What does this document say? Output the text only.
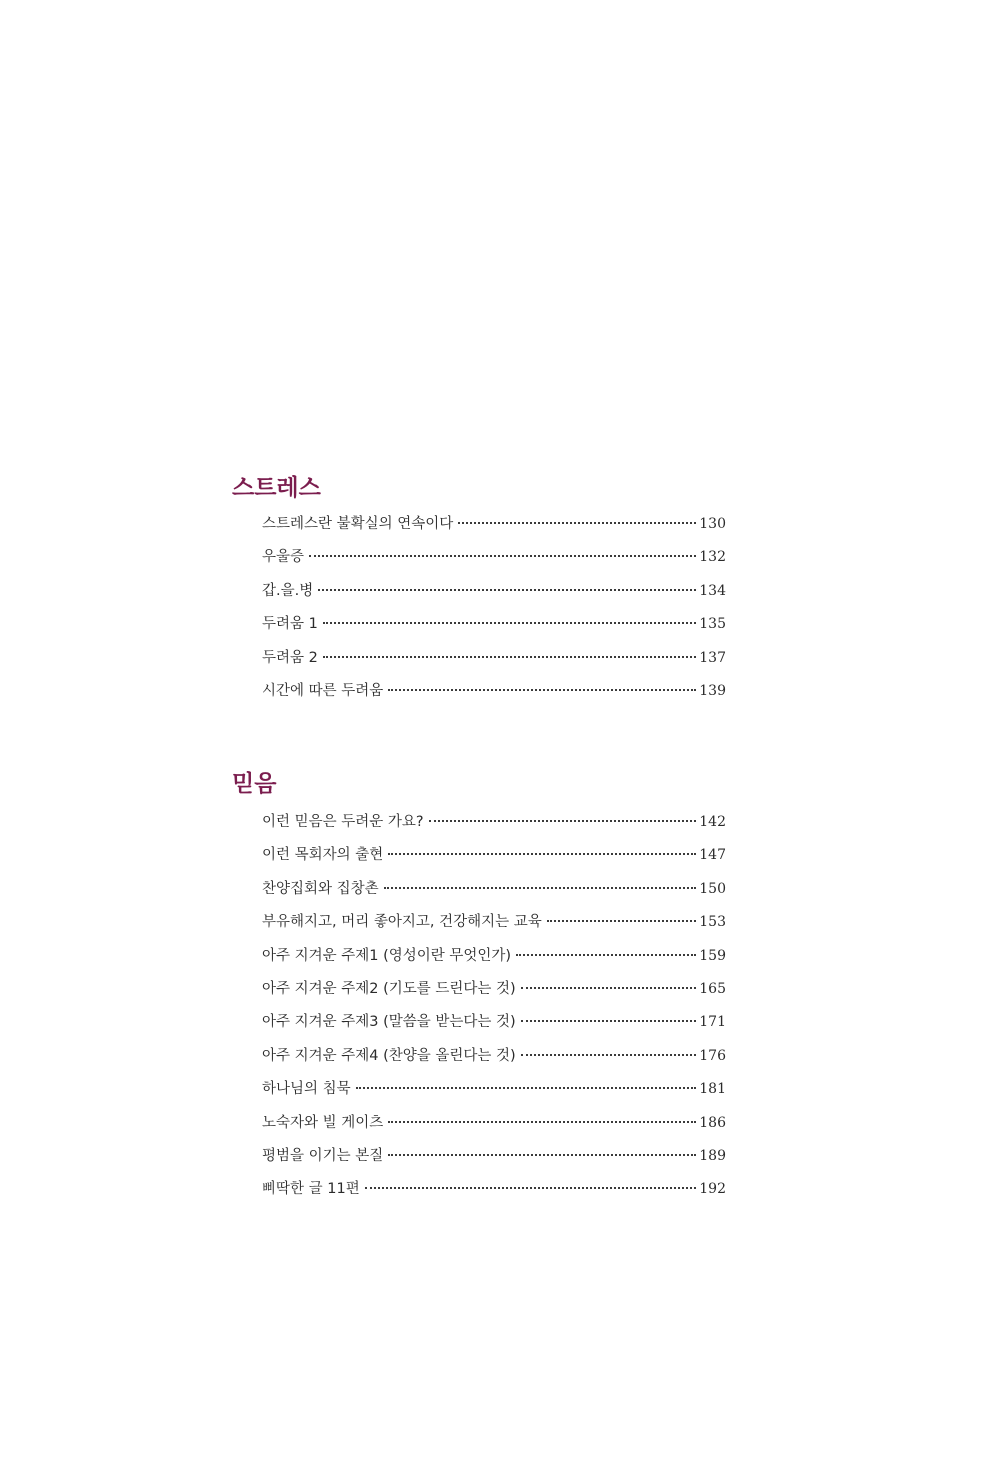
스트레스
스트레스란 불확실의 연속이다	130
우울증	132
갑.을.병	134
두려움 1	135
두려움 2	137
시간에 따른 두려움	139
믿음
이런 믿음은 두려운 가요?	142
이런 목회자의 출현	147
찬양집회와 집창촌	150
부유해지고, 머리 좋아지고, 건강해지는 교육	153
아주 지겨운 주제1 (영성이란 무엇인가)	159
아주 지겨운 주제2 (기도를 드린다는 것)	165
아주 지겨운 주제3 (말씀을 받는다는 것)	171
아주 지겨운 주제4 (찬양을 올린다는 것)	176
하나님의 침묵	181
노숙자와 빌 게이츠	186
평범을 이기는 본질	189
삐딱한 글 11편	192
